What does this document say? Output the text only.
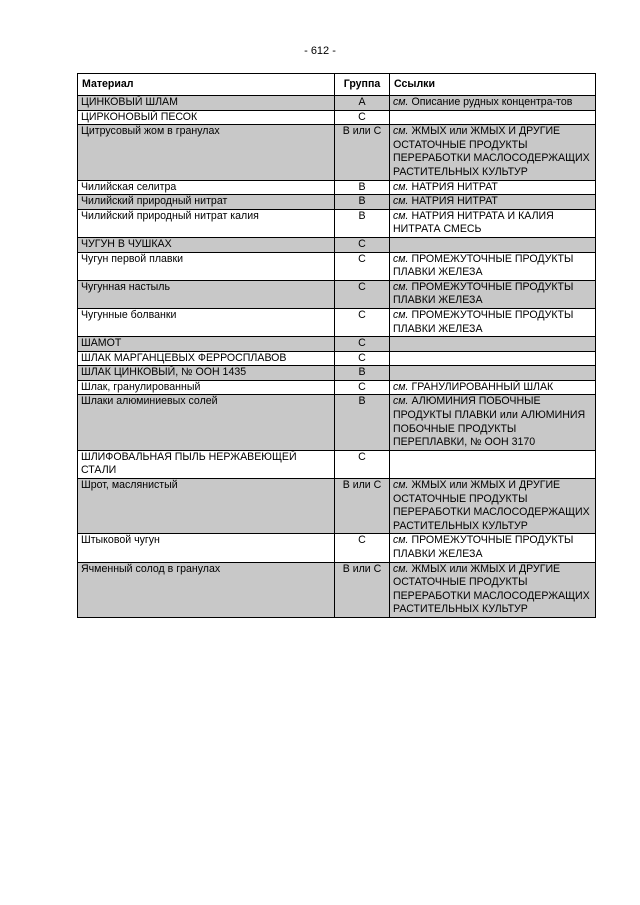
- 612 -
Материал	Группа	Ссылки
ЦИНКОВЫЙ ШЛАМ	A	см. Описание рудных концентра-тов
ЦИРКОНОВЫЙ ПЕСОК	C	
Цитрусовый жом в гранулах	B или C	см. ЖМЫХ или ЖМЫХ И ДРУГИЕ ОСТАТОЧНЫЕ ПРОДУКТЫ ПЕРЕРАБОТКИ МАСЛОСОДЕРЖАЩИХ РАСТИТЕЛЬНЫХ КУЛЬТУР
Чилийская селитра	B	см. НАТРИЯ НИТРАТ
Чилийский природный нитрат	B	см. НАТРИЯ НИТРАТ
Чилийский природный нитрат калия	B	см. НАТРИЯ НИТРАТА И КАЛИЯ НИТРАТА СМЕСЬ
ЧУГУН В ЧУШКАХ	C	
Чугун первой плавки	C	см. ПРОМЕЖУТОЧНЫЕ ПРОДУКТЫ ПЛАВКИ ЖЕЛЕЗА
Чугунная настыль	C	см. ПРОМЕЖУТОЧНЫЕ ПРОДУКТЫ ПЛАВКИ ЖЕЛЕЗА
Чугунные болванки	C	см. ПРОМЕЖУТОЧНЫЕ ПРОДУКТЫ ПЛАВКИ ЖЕЛЕЗА
ШАМОТ	C	
ШЛАК МАРГАНЦЕВЫХ ФЕРРОСПЛАВОВ	C	
ШЛАК ЦИНКОВЫЙ, № ООН 1435	B	
Шлак, гранулированный	C	см. ГРАНУЛИРОВАННЫЙ ШЛАК
Шлаки алюминиевых солей	B	см. АЛЮМИНИЯ ПОБОЧНЫЕ ПРОДУКТЫ ПЛАВКИ или АЛЮМИНИЯ ПОБОЧНЫЕ ПРОДУКТЫ ПЕРЕПЛАВКИ, № ООН 3170
ШЛИФОВАЛЬНАЯ ПЫЛЬ НЕРЖАВЕЮЩЕЙ СТАЛИ	C	
Шрот, маслянистый	B или C	см. ЖМЫХ или ЖМЫХ И ДРУГИЕ ОСТАТОЧНЫЕ ПРОДУКТЫ ПЕРЕРАБОТКИ МАСЛОСОДЕРЖАЩИХ РАСТИТЕЛЬНЫХ КУЛЬТУР
Штыковой чугун	C	см. ПРОМЕЖУТОЧНЫЕ ПРОДУКТЫ ПЛАВКИ ЖЕЛЕЗА
Ячменный солод в гранулах	B или C	см. ЖМЫХ или ЖМЫХ И ДРУГИЕ ОСТАТОЧНЫЕ ПРОДУКТЫ ПЕРЕРАБОТКИ МАСЛОСОДЕРЖАЩИХ РАСТИТЕЛЬНЫХ КУЛЬТУР
